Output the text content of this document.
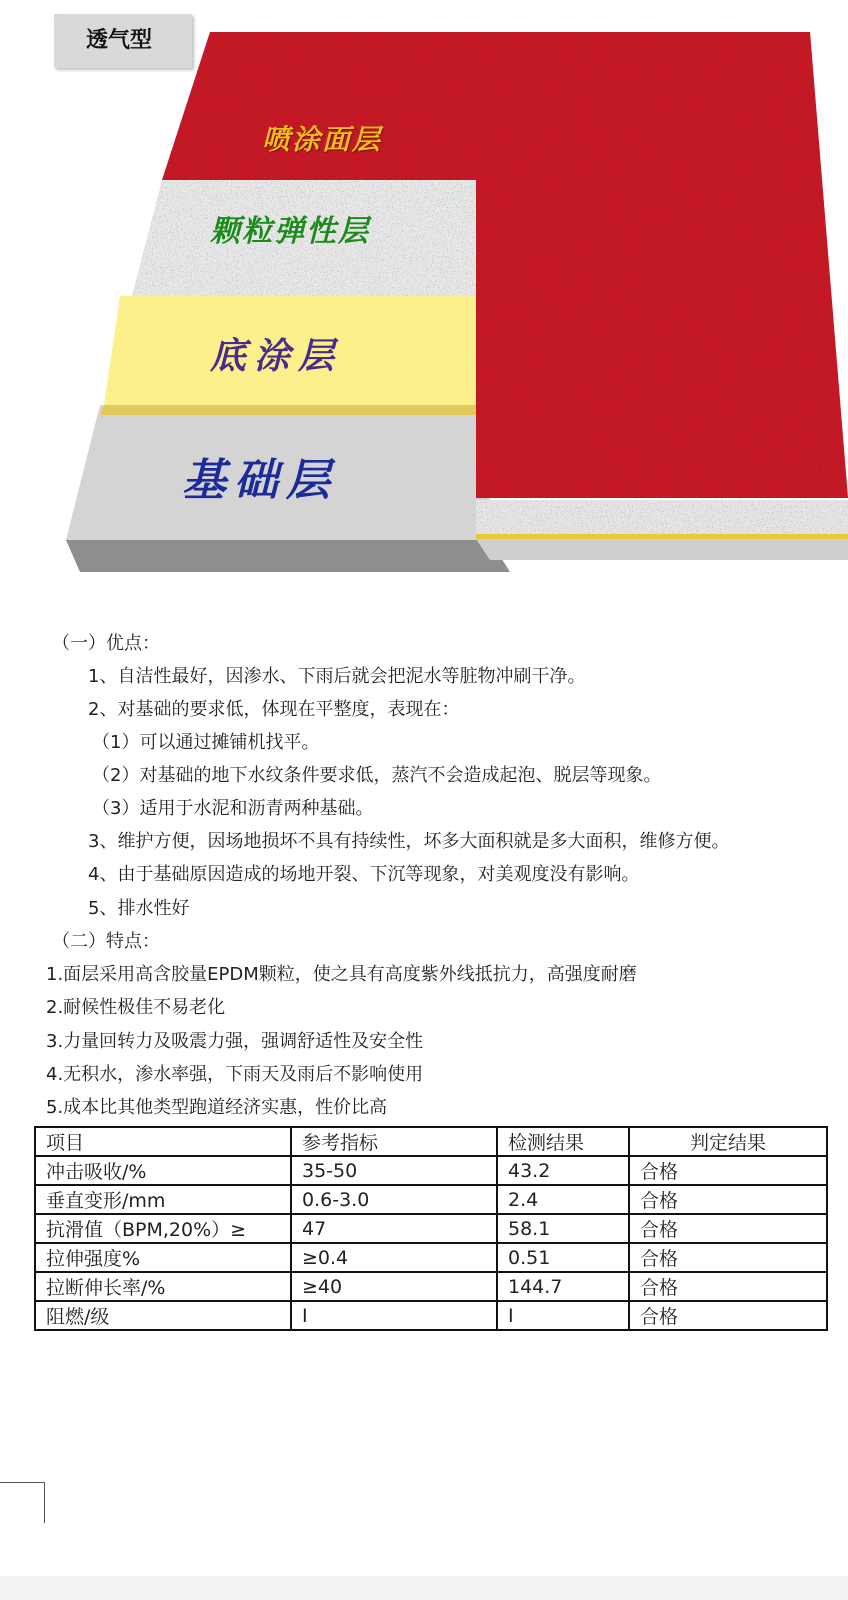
透气型
喷涂面层
颗粒弹性层
底涂层
基础层
（一）优点：
1、自洁性最好，因渗水、下雨后就会把泥水等脏物冲刷干净。
2、对基础的要求低，体现在平整度，表现在：
（1）可以通过摊铺机找平。
（2）对基础的地下水纹条件要求低，蒸汽不会造成起泡、脱层等现象。
（3）适用于水泥和沥青两种基础。
3、维护方便，因场地损坏不具有持续性，坏多大面积就是多大面积，维修方便。
4、由于基础原因造成的场地开裂、下沉等现象，对美观度没有影响。
5、排水性好
（二）特点：
1.面层采用高含胶量EPDM颗粒，使之具有高度紫外线抵抗力，高强度耐磨
2.耐候性极佳不易老化
3.力量回转力及吸震力强，强调舒适性及安全性
4.无积水，渗水率强，下雨天及雨后不影响使用
5.成本比其他类型跑道经济实惠，性价比高
项目	参考指标	检测结果	判定结果
冲击吸收/%	35-50	43.2	合格
垂直变形/mm	0.6-3.0	2.4	合格
抗滑值（BPM,20%）≥	47	58.1	合格
拉伸强度%	≥0.4	0.51	合格
拉断伸长率/%	≥40	144.7	合格
阻燃/级	I	I	合格
